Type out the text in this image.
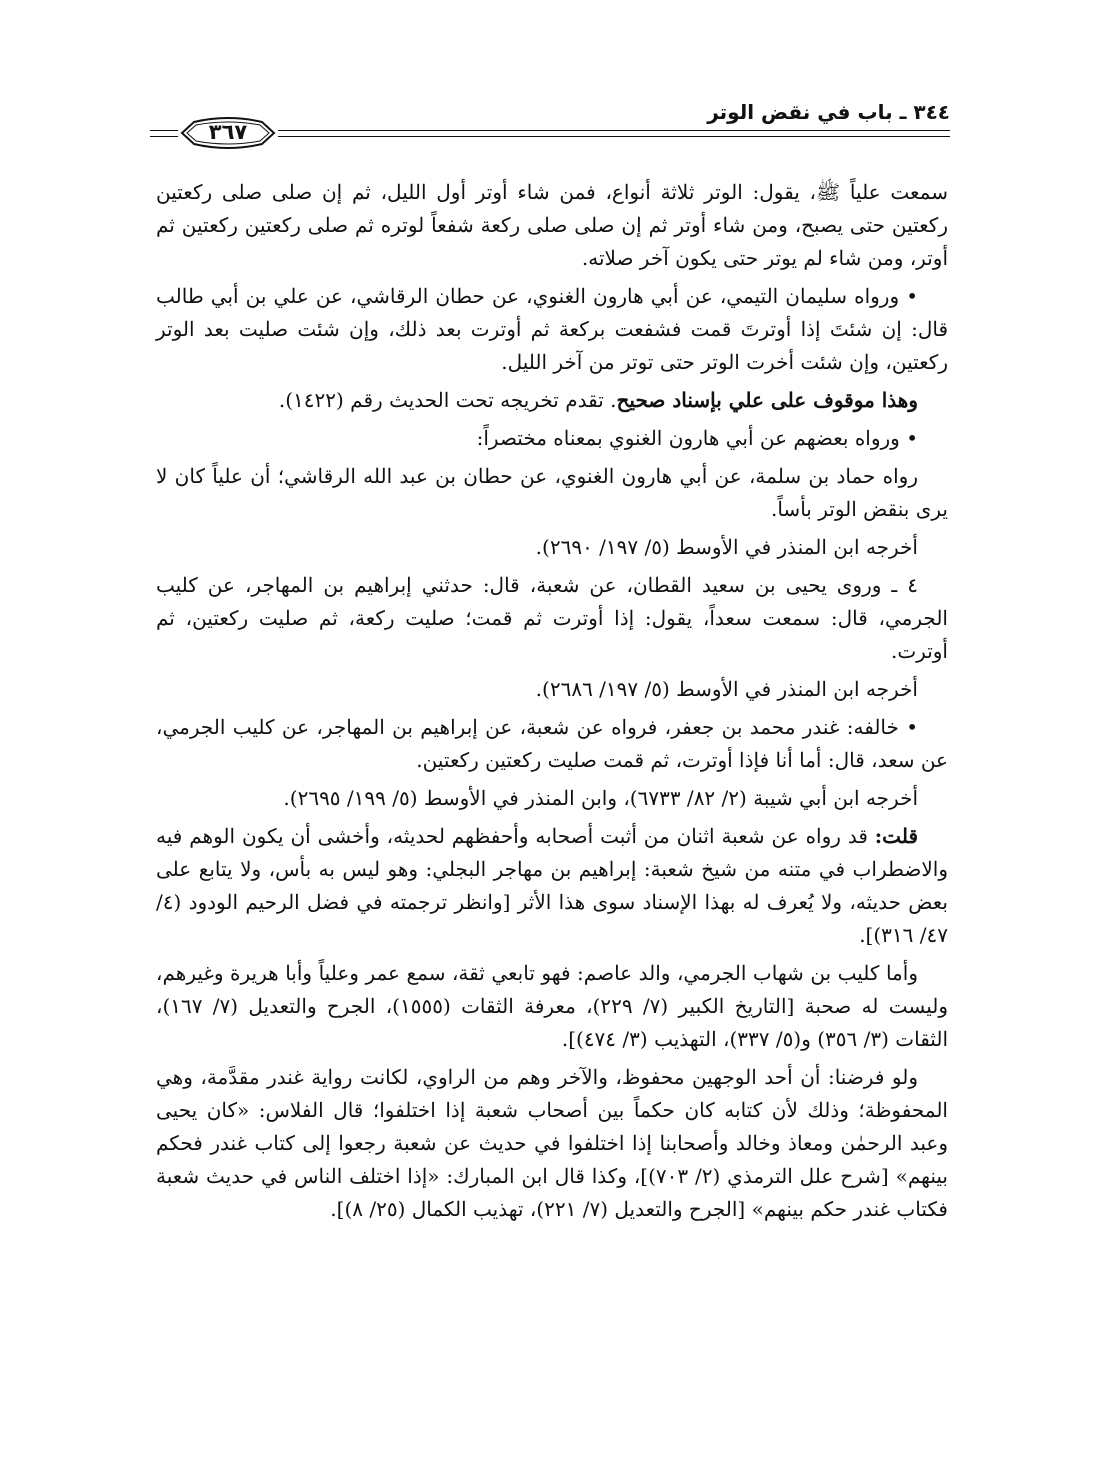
٣٤٤ ـ باب في نقض الوتر
٣٦٧

سمعت علياً ﷺ، يقول: الوتر ثلاثة أنواع، فمن شاء أوتر أول الليل، ثم إن صلى صلى ركعتين ركعتين حتى يصبح، ومن شاء أوتر ثم إن صلى صلى ركعة شفعاً لوتره ثم صلى ركعتين ركعتين ثم أوتر، ومن شاء لم يوتر حتى يكون آخر صلاته.

• ورواه سليمان التيمي، عن أبي هارون الغنوي، عن حطان الرقاشي، عن علي بن أبي طالب قال: إن شئتَ إذا أوترتَ قمت فشفعت بركعة ثم أوترت بعد ذلك، وإن شئت صليت بعد الوتر ركعتين، وإن شئت أخرت الوتر حتى توتر من آخر الليل.

وهذا موقوف على علي بإسناد صحيح. تقدم تخريجه تحت الحديث رقم (١٤٢٢).

• ورواه بعضهم عن أبي هارون الغنوي بمعناه مختصراً:

رواه حماد بن سلمة، عن أبي هارون الغنوي، عن حطان بن عبد الله الرقاشي؛ أن علياً كان لا يرى بنقض الوتر بأساً.

أخرجه ابن المنذر في الأوسط (٥/ ١٩٧/ ٢٦٩٠).

٤ ـ وروى يحيى بن سعيد القطان، عن شعبة، قال: حدثني إبراهيم بن المهاجر، عن كليب الجرمي، قال: سمعت سعداً، يقول: إذا أوترت ثم قمت؛ صليت ركعة، ثم صليت ركعتين، ثم أوترت.

أخرجه ابن المنذر في الأوسط (٥/ ١٩٧/ ٢٦٨٦).

• خالفه: غندر محمد بن جعفر، فرواه عن شعبة، عن إبراهيم بن المهاجر، عن كليب الجرمي، عن سعد، قال: أما أنا فإذا أوترت، ثم قمت صليت ركعتين ركعتين.

أخرجه ابن أبي شيبة (٢/ ٨٢/ ٦٧٣٣)، وابن المنذر في الأوسط (٥/ ١٩٩/ ٢٦٩٥).

قلت: قد رواه عن شعبة اثنان من أثبت أصحابه وأحفظهم لحديثه، وأخشى أن يكون الوهم فيه والاضطراب في متنه من شيخ شعبة: إبراهيم بن مهاجر البجلي: وهو ليس به بأس، ولا يتابع على بعض حديثه، ولا يُعرف له بهذا الإسناد سوى هذا الأثر [وانظر ترجمته في فضل الرحيم الودود (٤/ ٤٧/ ٣١٦)].

وأما كليب بن شهاب الجرمي، والد عاصم: فهو تابعي ثقة، سمع عمر وعلياً وأبا هريرة وغيرهم، وليست له صحبة [التاريخ الكبير (٧/ ٢٢٩)، معرفة الثقات (١٥٥٥)، الجرح والتعديل (٧/ ١٦٧)، الثقات (٣/ ٣٥٦) و(٥/ ٣٣٧)، التهذيب (٣/ ٤٧٤)].

ولو فرضنا: أن أحد الوجهين محفوظ، والآخر وهم من الراوي، لكانت رواية غندر مقدَّمة، وهي المحفوظة؛ وذلك لأن كتابه كان حكماً بين أصحاب شعبة إذا اختلفوا؛ قال الفلاس: «كان يحيى وعبد الرحمٰن ومعاذ وخالد وأصحابنا إذا اختلفوا في حديث عن شعبة رجعوا إلى كتاب غندر فحكم بينهم» [شرح علل الترمذي (٢/ ٧٠٣)]، وكذا قال ابن المبارك: «إذا اختلف الناس في حديث شعبة فكتاب غندر حكم بينهم» [الجرح والتعديل (٧/ ٢٢١)، تهذيب الكمال (٢٥/ ٨)].
